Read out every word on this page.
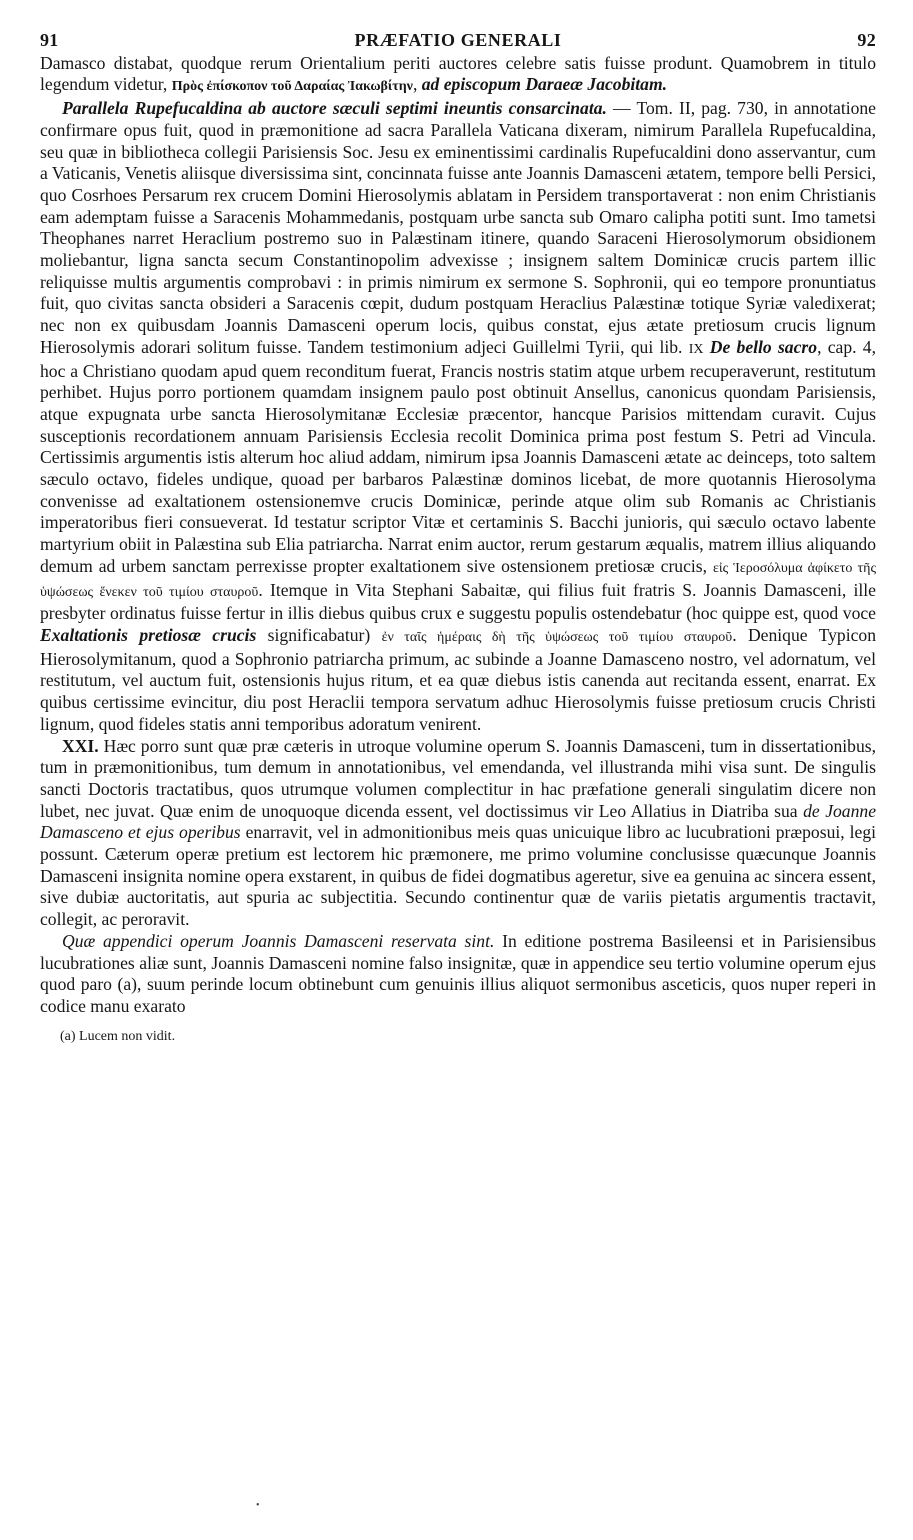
91	PRÆFATIO GENERALI	92

Damasco distabat, quodque rerum Orientalium periti auctores celebre satis fuisse produnt. Quamobrem in titulo legendum videtur, Πρὸς ἐπίσκοπον τοῦ Δαραίας Ἰακωβίτην, ad episcopum Daraeæ Jacobitam.

Parallela Rupefucaldina ab auctore sæculi septimi ineuntis consarcinata. — Tom. II, pag. 730, in annotatione confirmare opus fuit, quod in præmonitione ad sacra Parallela Vaticana dixeram, nimirum Parallela Rupefucaldina, seu quæ in bibliotheca collegii Parisiensis Soc. Jesu ex eminentissimi cardinalis Rupefucaldini dono asservantur, cum a Vaticanis, Venetis aliisque diversissima sint, concinnata fuisse ante Joannis Damasceni ætatem, tempore belli Persici, quo Cosrhoes Persarum rex crucem Domini Hierosolymis ablatam in Persidem transportaverat : non enim Christianis eam ademptam fuisse a Saracenis Mohammedanis, postquam urbe sancta sub Omaro calipha potiti sunt. Imo tametsi Theophanes narret Heraclium postremo suo in Palæstinam itinere, quando Saraceni Hierosolymorum obsidionem moliebantur, ligna sancta secum Constantinopolim advexisse ; insignem saltem Dominicæ crucis partem illic reliquisse multis argumentis comprobavi : in primis nimirum ex sermone S. Sophronii, qui eo tempore pronuntiatus fuit, quo civitas sancta obsideri a Saracenis cœpit, dudum postquam Heraclius Palæstinæ totique Syriæ valedixerat; nec non ex quibusdam Joannis Damasceni operum locis, quibus constat, ejus ætate pretiosum crucis lignum Hierosolymis adorari solitum fuisse. Tandem testimonium adjeci Guillelmi Tyrii, qui lib. IX De bello sacro, cap. 4, hoc a Christiano quodam apud quem reconditum fuerat, Francis nostris statim atque urbem recuperaverunt, restitutum perhibet. Hujus porro portionem quamdam insignem paulo post obtinuit Ansellus, canonicus quondam Parisiensis, atque expugnata urbe sancta Hierosolymitanæ Ecclesiæ præcentor, hancque Parisios mittendam curavit. Cujus susceptionis recordationem annuam Parisiensis Ecclesia recolit Dominica prima post festum S. Petri ad Vincula. Certissimis argumentis istis alterum hoc aliud addam, nimirum ipsa Joannis Damasceni ætate ac deinceps, toto saltem sæculo octavo, fideles undique, quoad per barbaros Palæstinæ dominos licebat, de more quotannis Hierosolyma convenisse ad exaltationem ostensionemve crucis Dominicæ, perinde atque olim sub Romanis ac Christianis imperatoribus fieri consueverat. Id testatur scriptor Vitæ et certaminis S. Bacchi junioris, qui sæculo octavo labente martyrium obiit in Palæstina sub Elia patriarcha. Narrat enim auctor, rerum gestarum æqualis, matrem illius aliquando demum ad urbem sanctam perrexisse propter exaltationem sive ostensionem pretiosæ crucis, εἰς Ἱεροσόλυμα ἀφίκετο τῆς ὑψώσεως ἕνεκεν τοῦ τιμίου σταυροῦ. Itemque in Vita Stephani Sabaitæ, qui filius fuit fratris S. Joannis Damasceni, ille presbyter ordinatus fuisse fertur in illis diebus quibus crux e suggestu populis ostendebatur (hoc quippe est, quod voce Exaltationis pretiosæ crucis significabatur) ἐν ταῖς ἡμέραις δὴ τῆς ὑψώσεως τοῦ τιμίου σταυροῦ. Denique Typicon Hierosolymitanum, quod a Sophronio patriarcha primum, ac subinde a Joanne Damasceno nostro, vel adornatum, vel restitutum, vel auctum fuit, ostensionis hujus ritum, et ea quæ diebus istis canenda aut recitanda essent, enarrat. Ex quibus certissime evincitur, diu post Heraclii tempora servatum adhuc Hierosolymis fuisse pretiosum crucis Christi lignum, quod fideles statis anni temporibus adoratum venirent.

XXI. Hæc porro sunt quæ præ cæteris in utroque volumine operum S. Joannis Damasceni, tum in dissertationibus, tum in præmonitionibus, tum demum in annotationibus, vel emendanda, vel illustranda mihi visa sunt. De singulis sancti Doctoris tractatibus, quos utrumque volumen complectitur in hac præfatione generali singulatim dicere non lubet, nec juvat. Quæ enim de unoquoque dicenda essent, vel doctissimus vir Leo Allatius in Diatriba sua de Joanne Damasceno et ejus operibus enarravit, vel in admonitionibus meis quas unicuique libro ac lucubrationi præposui, legi possunt. Cæterum operæ pretium est lectorem hic præmonere, me primo volumine conclusisse quæcunque Joannis Damasceni insignita nomine opera exstarent, in quibus de fidei dogmatibus ageretur, sive ea genuina ac sincera essent, sive dubiæ auctoritatis, aut spuria ac subjectitia. Secundo continentur quæ de variis pietatis argumentis tractavit, collegit, ac peroravit.

Quæ appendici operum Joannis Damasceni reservata sint. In editione postrema Basileensi et in Parisiensibus lucubrationes aliæ sunt, Joannis Damasceni nomine falso insignitæ, quæ in appendice seu tertio volumine operum ejus quod paro (a), suum perinde locum obtinebunt cum genuinis illius aliquot sermonibus asceticis, quos nuper reperi in codice manu exarato

(a) Lucem non vidit.
•
